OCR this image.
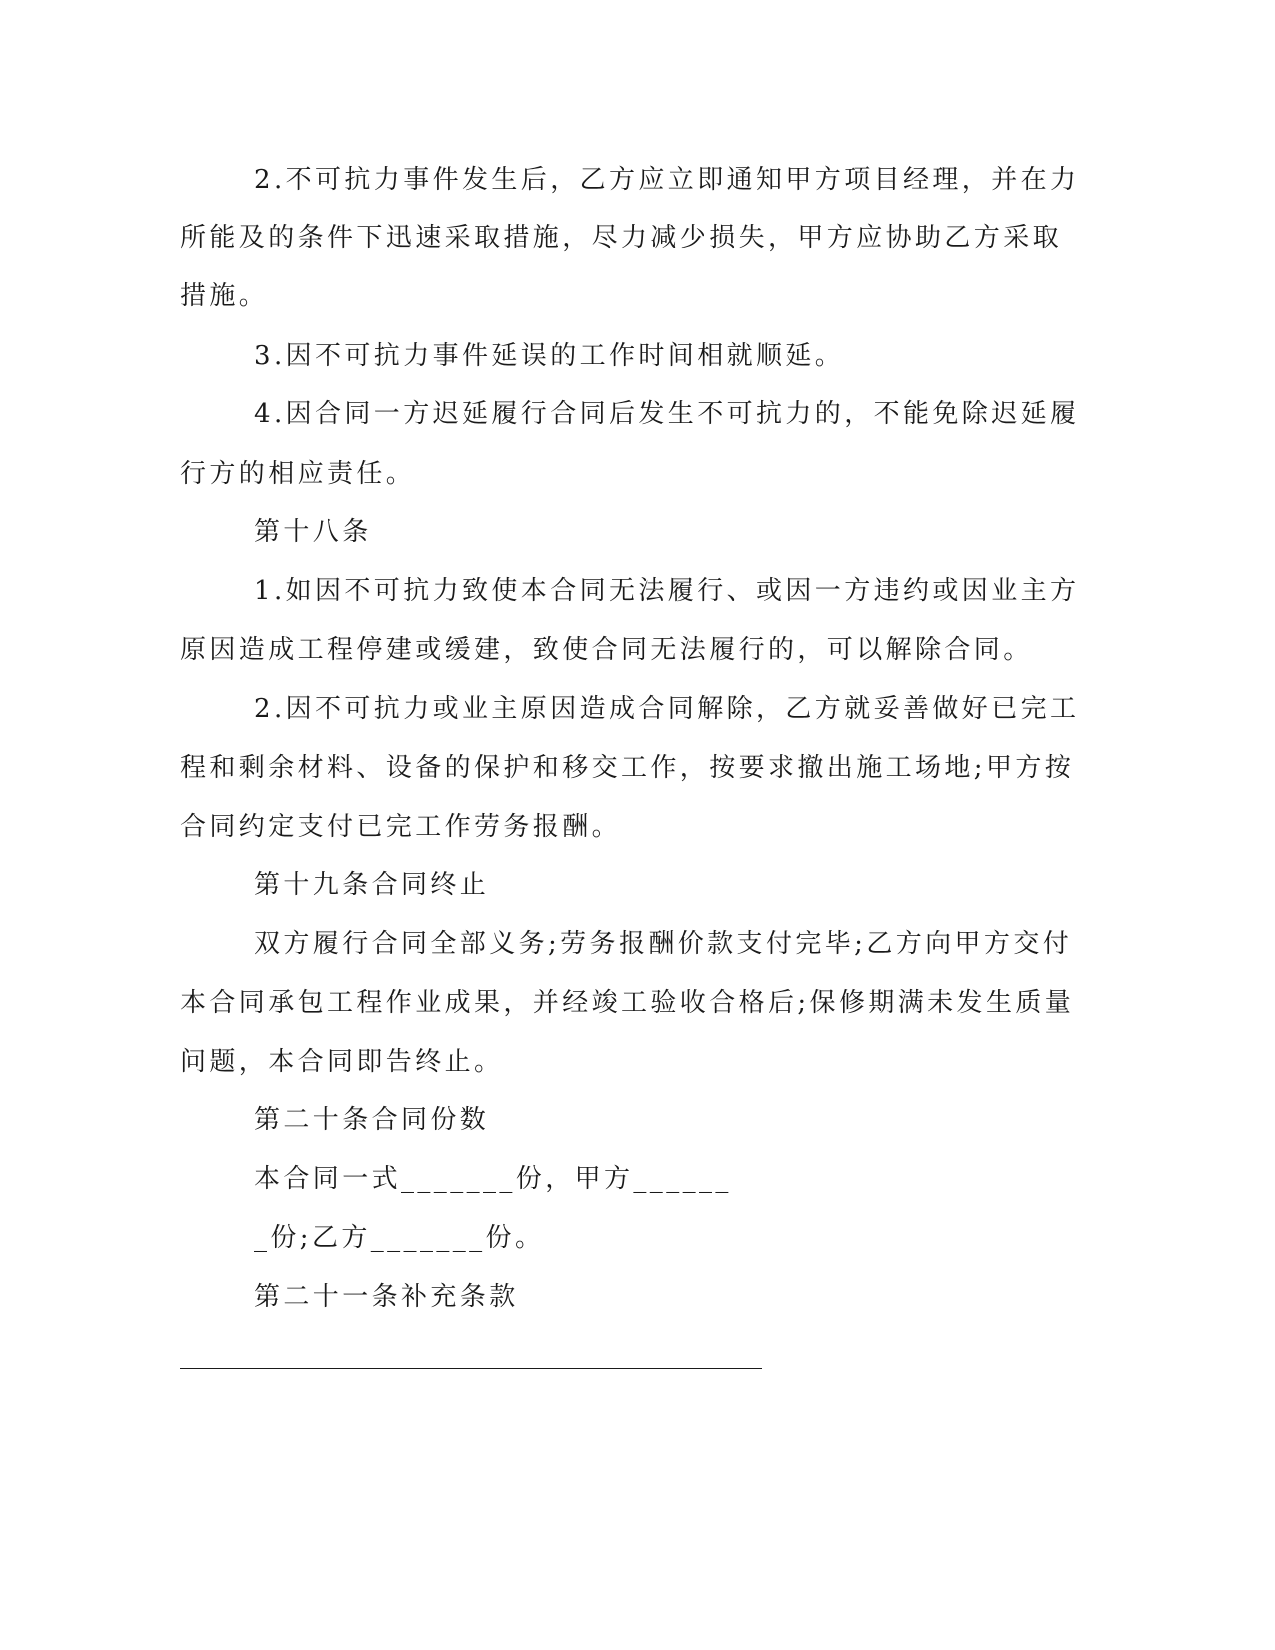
2.不可抗力事件发生后，乙方应立即通知甲方项目经理，并在力
所能及的条件下迅速采取措施，尽力减少损失，甲方应协助乙方采取
措施。
3.因不可抗力事件延误的工作时间相就顺延。
4.因合同一方迟延履行合同后发生不可抗力的，不能免除迟延履
行方的相应责任。
第十八条
1.如因不可抗力致使本合同无法履行、或因一方违约或因业主方
原因造成工程停建或缓建，致使合同无法履行的，可以解除合同。
2.因不可抗力或业主原因造成合同解除，乙方就妥善做好已完工
程和剩余材料、设备的保护和移交工作，按要求撤出施工场地;甲方按
合同约定支付已完工作劳务报酬。
第十九条合同终止
双方履行合同全部义务;劳务报酬价款支付完毕;乙方向甲方交付
本合同承包工程作业成果，并经竣工验收合格后;保修期满未发生质量
问题，本合同即告终止。
第二十条合同份数
本合同一式_______份，甲方______
_份;乙方_______份。
第二十一条补充条款
